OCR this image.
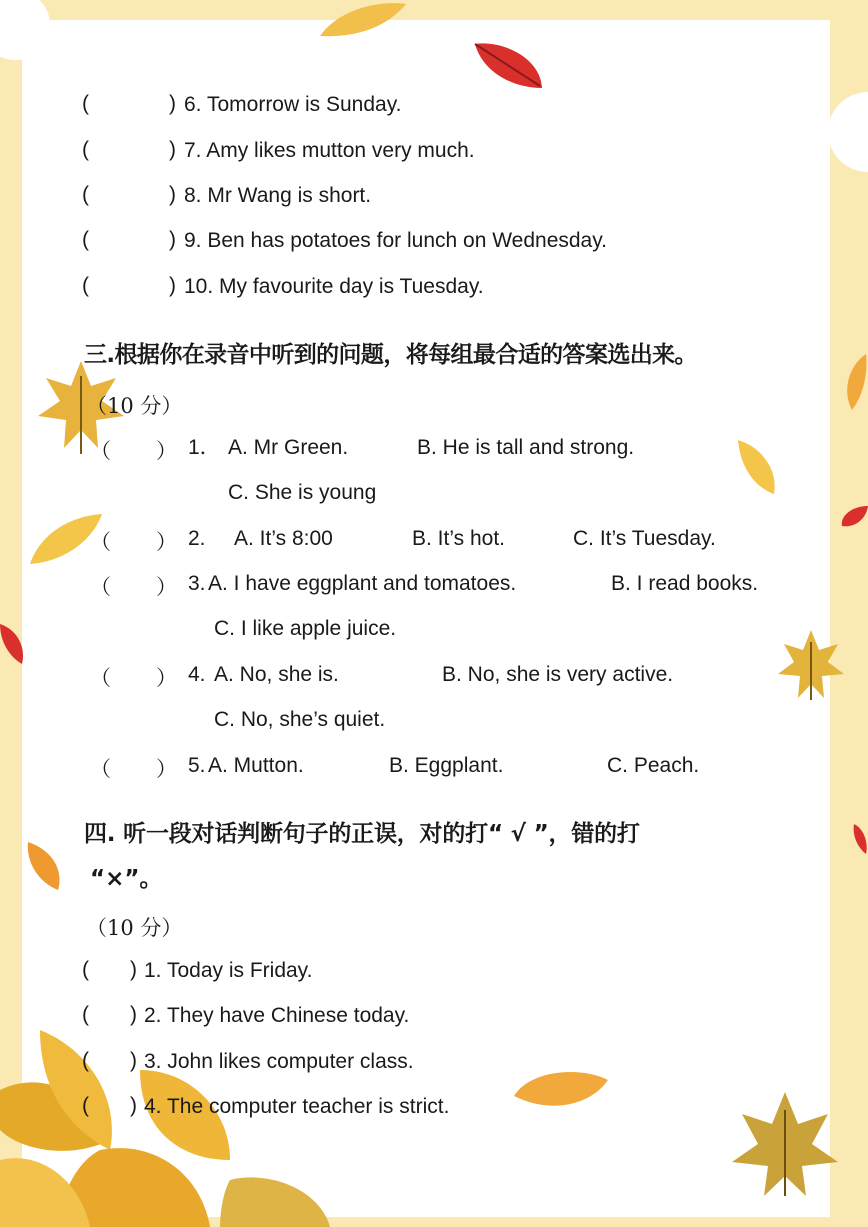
(	) 6. Tomorrow is Sunday.
(	) 7. Amy likes mutton very much.
(	) 8. Mr Wang is short.
(	) 9. Ben has potatoes for lunch on Wednesday.
(	) 10. My favourite day is Tuesday.
三.根据你在录音中听到的问题，将每组最合适的答案选出来。
（10 分）
（ ） 1． A. Mr Green.	B. He is tall and strong.
C. She is young
（ ） 2. A. It’s 8:00	B. It’s hot.	C. It’s Tuesday.
（ ） 3. A. I have eggplant and tomatoes.	B. I read books.
C. I like apple juice.
（ ） 4. A. No, she is.	B. No, she is very active.
C. No, she’s quiet.
（ ） 5. A. Mutton.	B. Eggplant.	C. Peach.
四. 听一段对话判断句子的正误，对的打“ √ ”，错的打
“×”。
（10 分）
( ) 1. Today is Friday.
( ) 2. They have Chinese today.
( ) 3. John likes computer class.
( ) 4. The computer teacher is strict.
